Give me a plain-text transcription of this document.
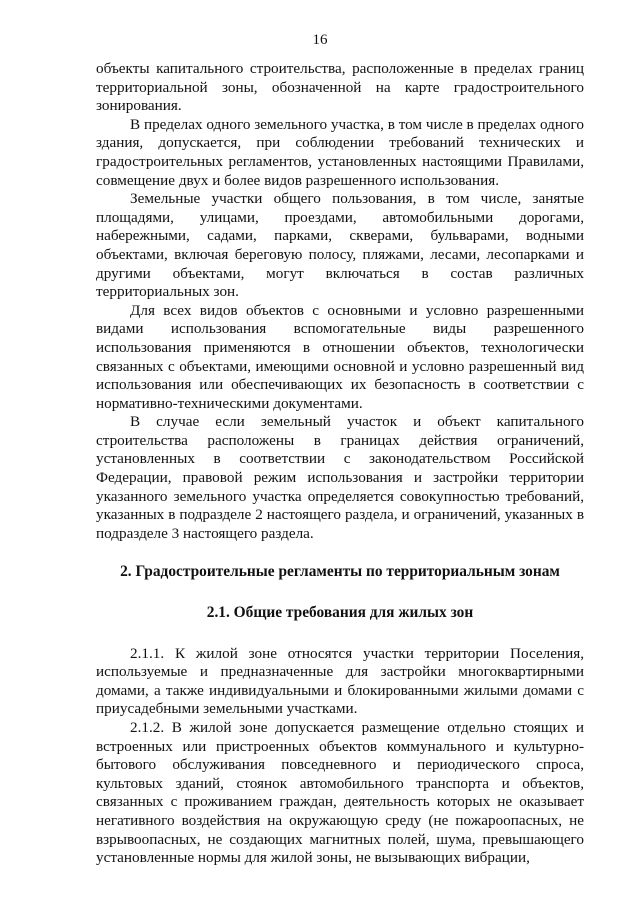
16

объекты капитального строительства, расположенные в пределах границ территориальной зоны, обозначенной на карте градостроительного зонирования.

В пределах одного земельного участка, в том числе в пределах одного здания, допускается, при соблюдении требований технических и градостроительных регламентов, установленных настоящими Правилами, совмещение двух и более видов разрешенного использования.

Земельные участки общего пользования, в том числе, занятые площадями, улицами, проездами, автомобильными дорогами, набережными, садами, парками, скверами, бульварами, водными объектами, включая береговую полосу, пляжами, лесами, лесопарками и другими объектами, могут включаться в состав различных территориальных зон.

Для всех видов объектов с основными и условно разрешенными видами использования вспомогательные виды разрешенного использования применяются в отношении объектов, технологически связанных с объектами, имеющими основной и условно разрешенный вид использования или обеспечивающих их безопасность в соответствии с нормативно-техническими документами.

В случае если земельный участок и объект капитального строительства расположены в границах действия ограничений, установленных в соответствии с законодательством Российской Федерации, правовой режим использования и застройки территории указанного земельного участка определяется совокупностью требований, указанных в подразделе 2 настоящего раздела, и ограничений, указанных в подразделе 3 настоящего раздела.

2. Градостроительные регламенты по территориальным зонам

2.1. Общие требования для жилых зон

2.1.1. К жилой зоне относятся участки территории Поселения, используемые и предназначенные для застройки многоквартирными домами, а также индивидуальными и блокированными жилыми домами с приусадебными земельными участками.

2.1.2. В жилой зоне допускается размещение отдельно стоящих и встроенных или пристроенных объектов коммунального и культурно-бытового обслуживания повседневного и периодического спроса, культовых зданий, стоянок автомобильного транспорта и объектов, связанных с проживанием граждан, деятельность которых не оказывает негативного воздействия на окружающую среду (не пожароопасных, не взрывоопасных, не создающих магнитных полей, шума, превышающего установленные нормы для жилой зоны, не вызывающих вибрации,
